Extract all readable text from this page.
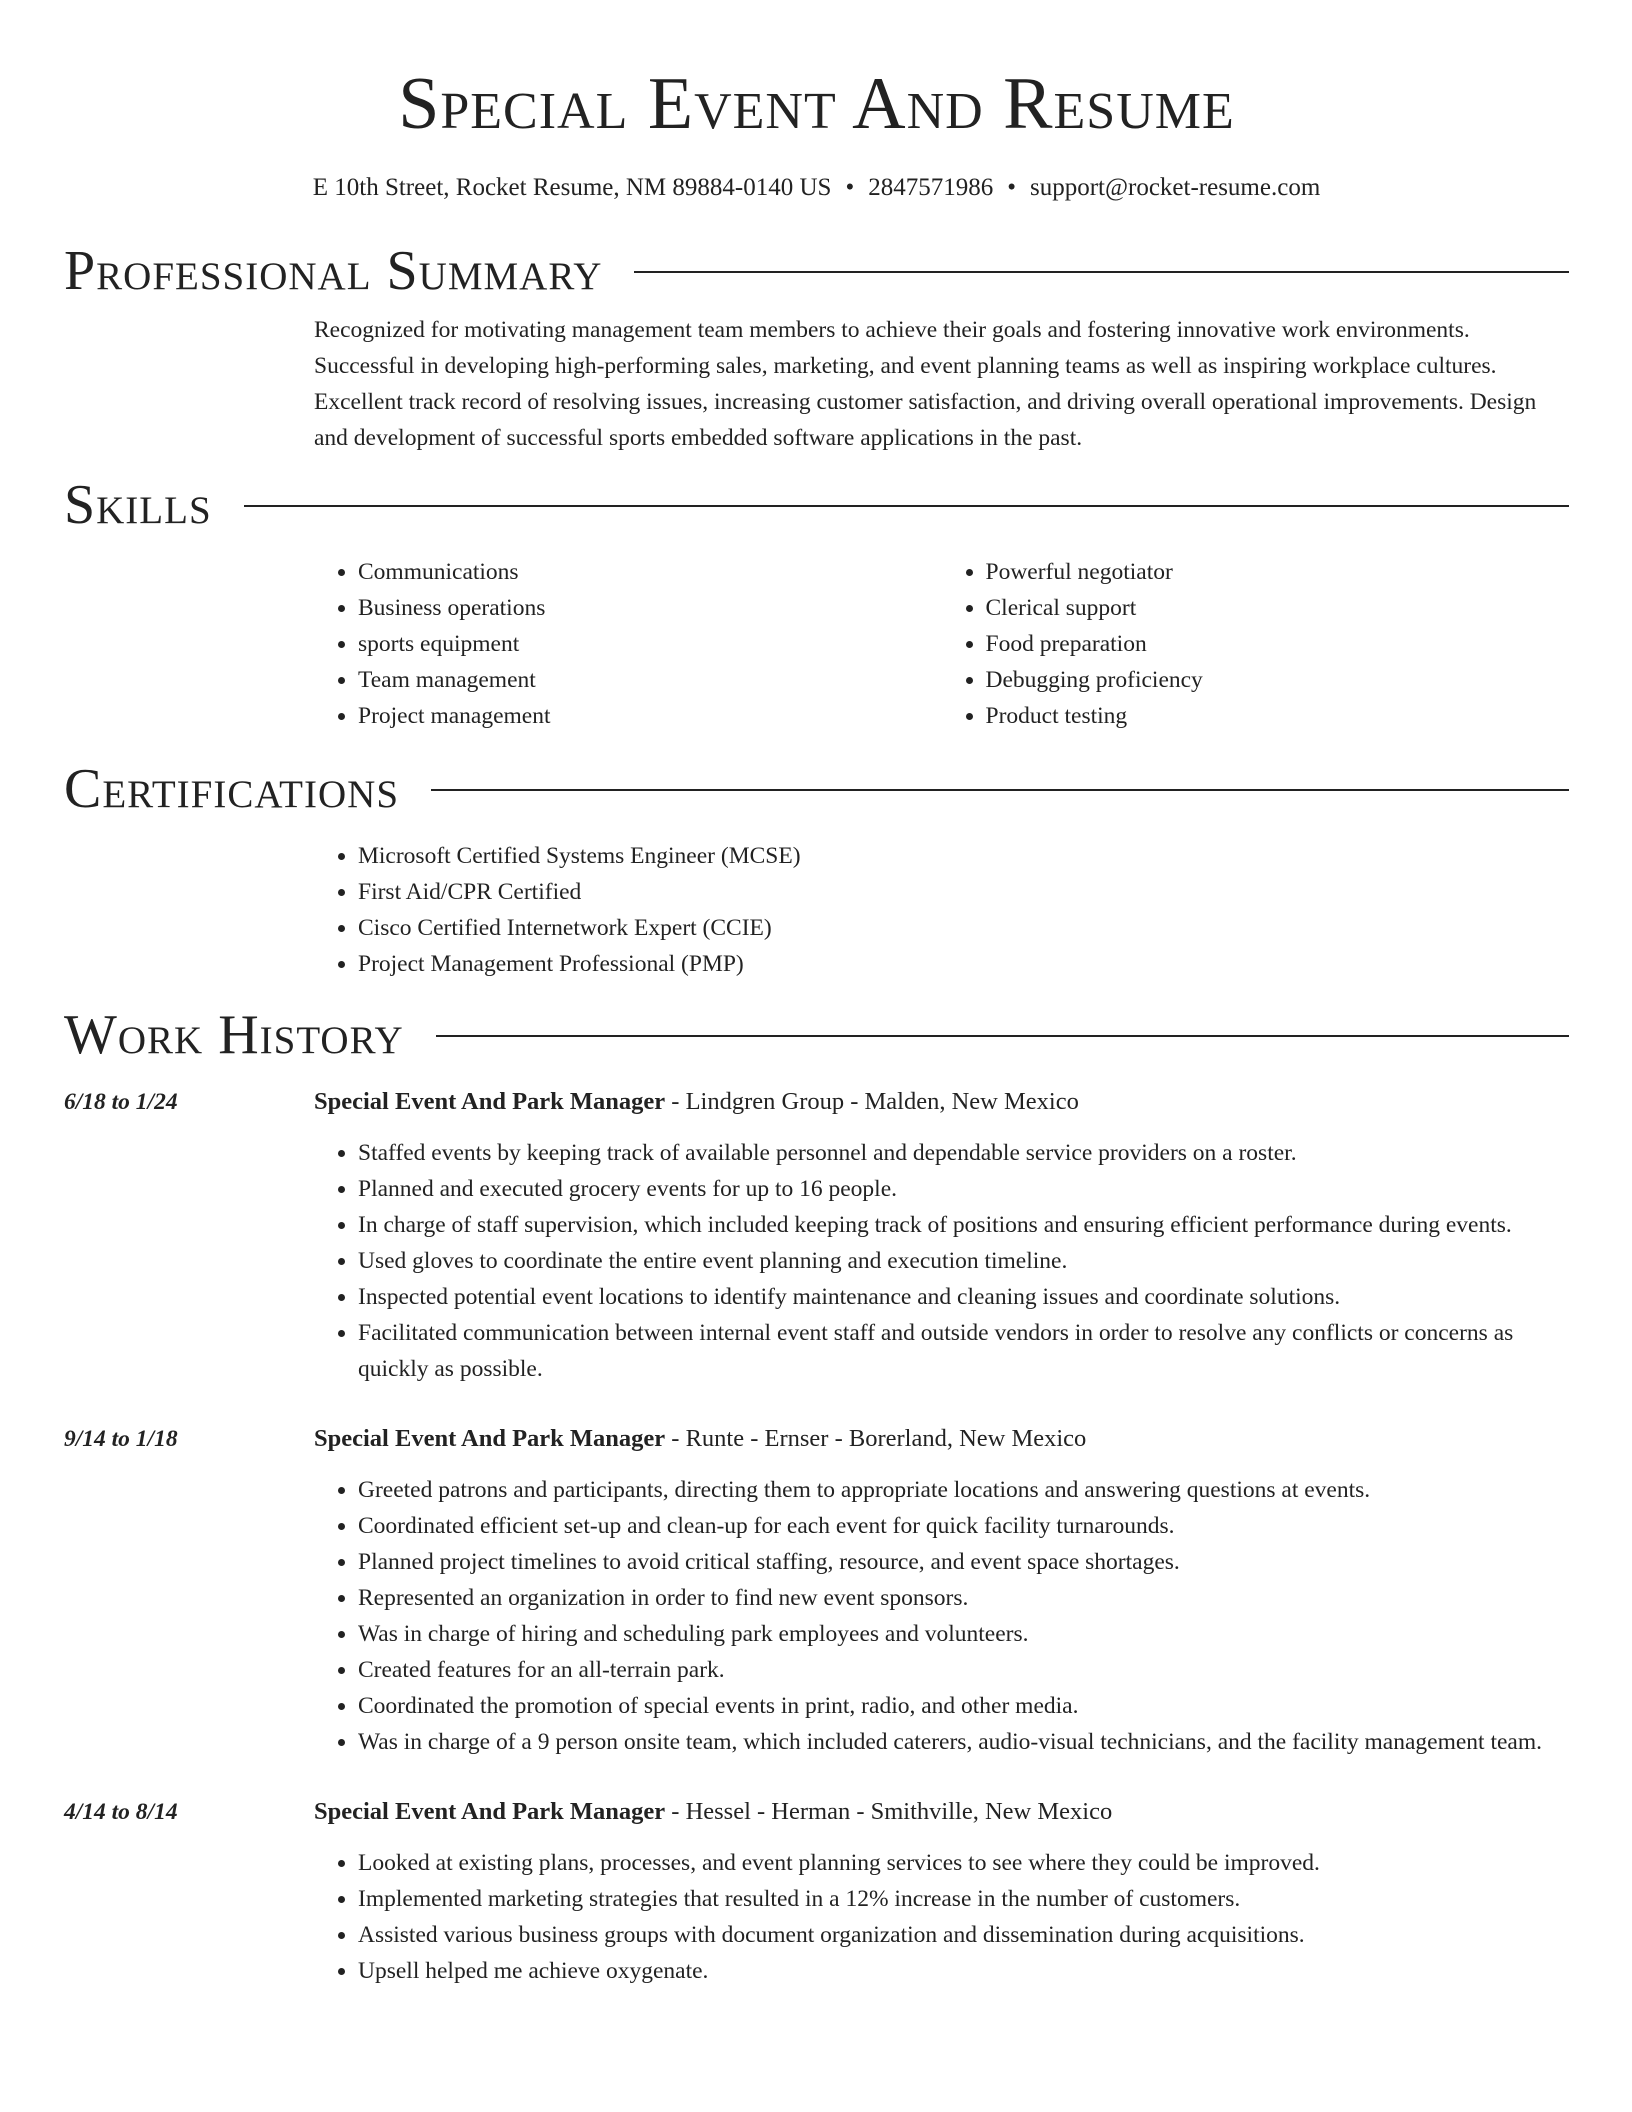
Special Event And Resume
E 10th Street, Rocket Resume, NM 89884-0140 US • 2847571986 • support@rocket-resume.com
Professional Summary

Recognized for motivating management team members to achieve their goals and fostering innovative work environments. Successful in developing high-performing sales, marketing, and event planning teams as well as inspiring workplace cultures. Excellent track record of resolving issues, increasing customer satisfaction, and driving overall operational improvements. Design and development of successful sports embedded software applications in the past.

Skills
• Communications
• Business operations
• sports equipment
• Team management
• Project management
• Powerful negotiator
• Clerical support
• Food preparation
• Debugging proficiency
• Product testing
Certifications
• Microsoft Certified Systems Engineer (MCSE)
• First Aid/CPR Certified
• Cisco Certified Internetwork Expert (CCIE)
• Project Management Professional (PMP)
Work History
6/18 to 1/24	Special Event And Park Manager - Lindgren Group - Malden, New Mexico
• Staffed events by keeping track of available personnel and dependable service providers on a roster.
• Planned and executed grocery events for up to 16 people.
• In charge of staff supervision, which included keeping track of positions and ensuring efficient performance during events.
• Used gloves to coordinate the entire event planning and execution timeline.
• Inspected potential event locations to identify maintenance and cleaning issues and coordinate solutions.
• Facilitated communication between internal event staff and outside vendors in order to resolve any conflicts or concerns as quickly as possible.
9/14 to 1/18	Special Event And Park Manager - Runte - Ernser - Borerland, New Mexico
• Greeted patrons and participants, directing them to appropriate locations and answering questions at events.
• Coordinated efficient set-up and clean-up for each event for quick facility turnarounds.
• Planned project timelines to avoid critical staffing, resource, and event space shortages.
• Represented an organization in order to find new event sponsors.
• Was in charge of hiring and scheduling park employees and volunteers.
• Created features for an all-terrain park.
• Coordinated the promotion of special events in print, radio, and other media.
• Was in charge of a 9 person onsite team, which included caterers, audio-visual technicians, and the facility management team.
4/14 to 8/14	Special Event And Park Manager - Hessel - Herman - Smithville, New Mexico
• Looked at existing plans, processes, and event planning services to see where they could be improved.
• Implemented marketing strategies that resulted in a 12% increase in the number of customers.
• Assisted various business groups with document organization and dissemination during acquisitions.
• Upsell helped me achieve oxygenate.
